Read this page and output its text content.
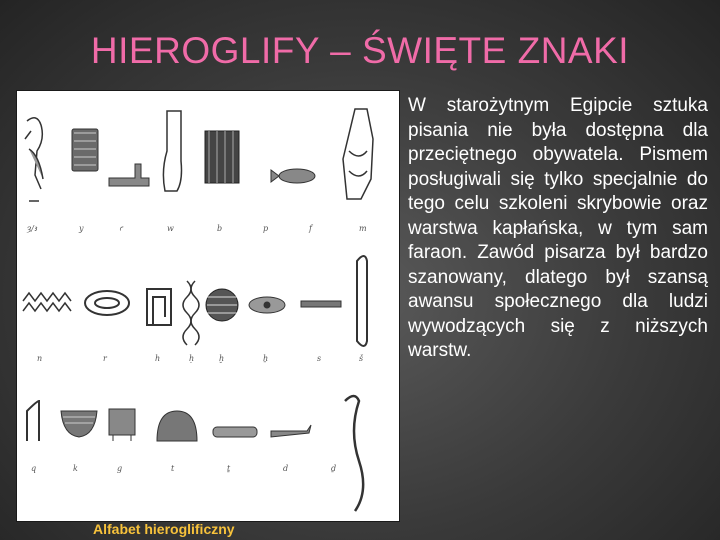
HIEROGLIFY – ŚWIĘTE ZNAKI
ȝ/ꜣ	y	ꜥ	w	b	p	f	m
n	r	h	ḥ	ḫ	ẖ	s	š
q	k	g	t	ṯ	d	ḏ
Alfabet hieroglificzny
W starożytnym Egipcie sztuka pisania nie była dostępna dla przeciętnego obywatela. Pismem posługiwali się tylko specjalnie do tego celu szkoleni skrybowie oraz warstwa kapłańska, w tym sam faraon. Zawód pisarza był bardzo szanowany, dlatego był szansą awansu społecznego dla ludzi wywodzących się z niższych warstw.
